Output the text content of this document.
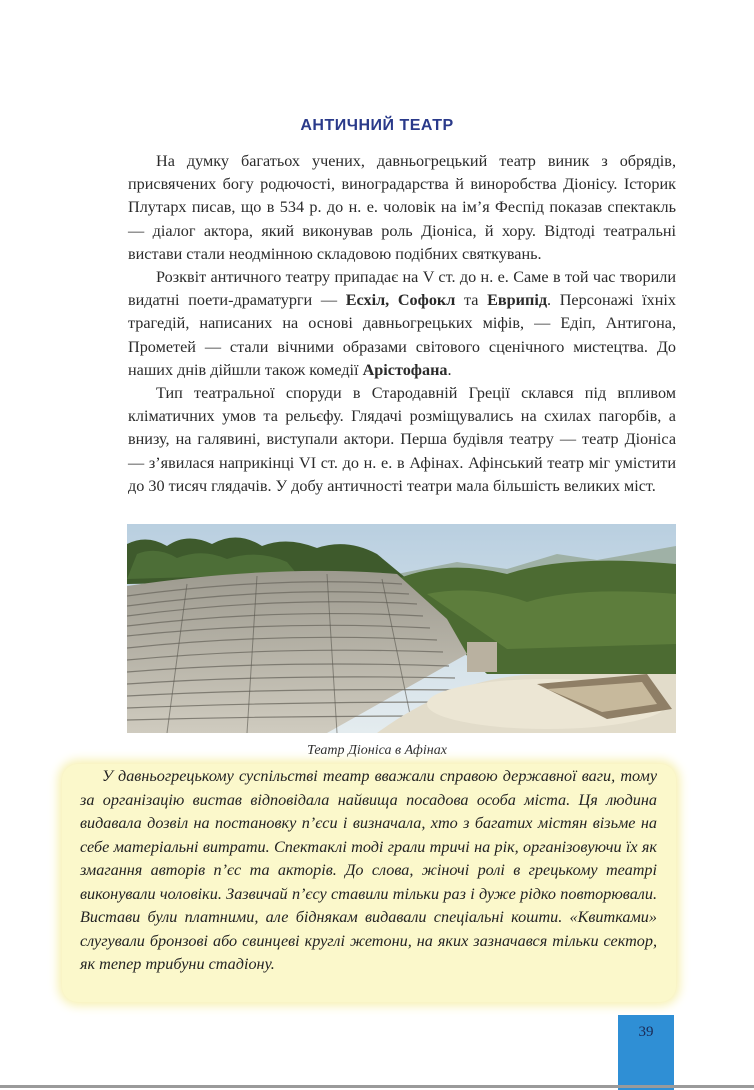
АНТИЧНИЙ ТЕАТР

На думку багатьох учених, давньогрецький театр виник з обрядів, присвячених богу родючості, виноградарства й виноробства Діонісу. Історик Плутарх писав, що в 534 р. до н. е. чоловік на ім’я Феспід показав спектакль — діалог актора, який виконував роль Діоніса, й хору. Відтоді театральні вистави стали неодмінною складовою подібних святкувань.

Розквіт античного театру припадає на V ст. до н. е. Саме в той час творили видатні поети-драматурги — Есхіл, Софокл та Еврипід. Персонажі їхніх трагедій, написаних на основі давньогрецьких міфів, — Едіп, Антигона, Прометей — стали вічними образами світового сценічного мистецтва. До наших днів дійшли також комедії Арістофана.

Тип театральної споруди в Стародавній Греції склався під впливом кліматичних умов та рельєфу. Глядачі розміщувались на схилах пагорбів, а внизу, на галявині, виступали актори. Перша будівля театру — театр Діоніса — з’явилася наприкінці VI ст. до н. е. в Афінах. Афінський театр міг умістити до 30 тисяч глядачів. У добу античності театри мала більшість великих міст.

Театр Діоніса в Афінах

У давньогрецькому суспільстві театр вважали справою державної ваги, тому за організацію вистав відповідала найвища посадова особа міста. Ця людина видавала дозвіл на постановку п’єси і визначала, хто з багатих містян візьме на себе матеріальні витрати. Спектаклі тоді грали тричі на рік, організовуючи їх як змагання авторів п’єс та акторів. До слова, жіночі ролі в грецькому театрі виконували чоловіки. Зазвичай п’єсу ставили тільки раз і дуже рідко повторювали. Вистави були платними, але біднякам видавали спеціальні кошти. «Квитками» слугували бронзові або свинцеві круглі жетони, на яких зазначався тільки сектор, як тепер трибуни стадіону.

39
